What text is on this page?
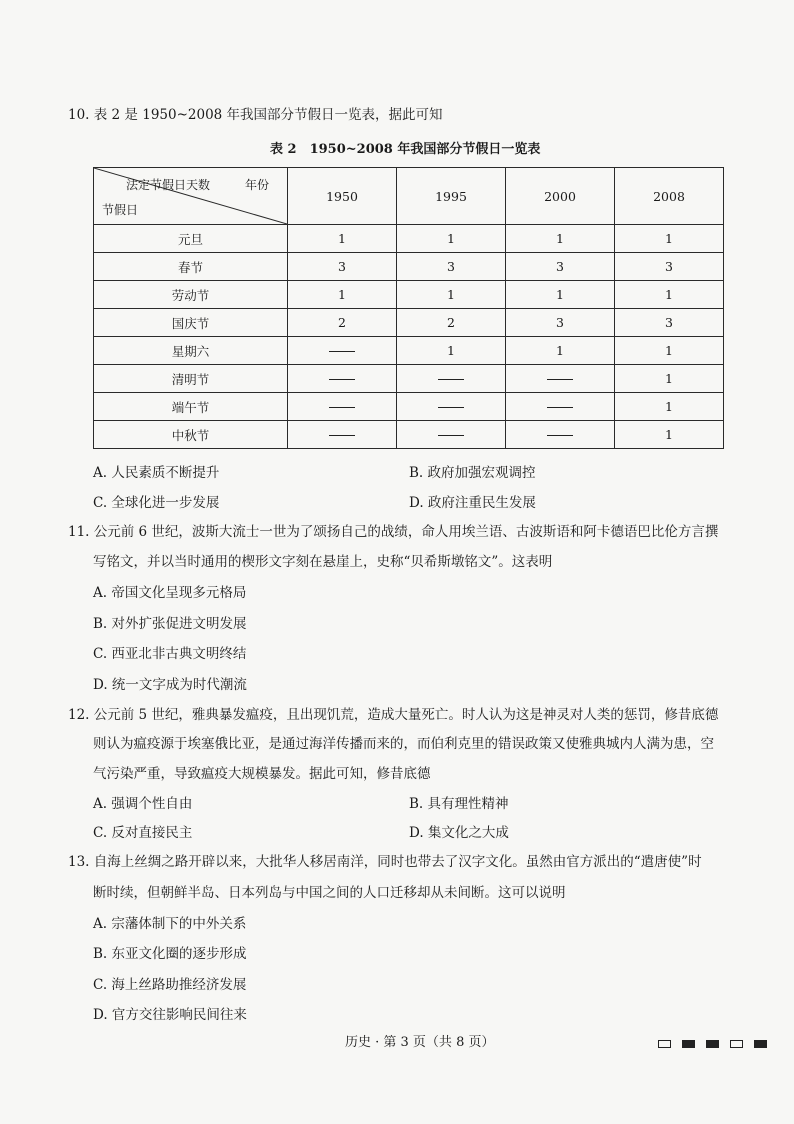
10. 表 2 是 1950~2008 年我国部分节假日一览表，据此可知
表 2　1950~2008 年我国部分节假日一览表
法定节假日天数 年份
节假日	1950	1995	2000	2008
元旦	1	1	1	1
春节	3	3	3	3
劳动节	1	1	1	1
国庆节	2	2	3	3
星期六		1	1	1
清明节				1
端午节				1
中秋节				1
A. 人民素质不断提升	B. 政府加强宏观调控
C. 全球化进一步发展	D. 政府注重民生发展
11. 公元前 6 世纪，波斯大流士一世为了颂扬自己的战绩，命人用埃兰语、古波斯语和阿卡德语巴比伦方言撰
写铭文，并以当时通用的楔形文字刻在悬崖上，史称“贝希斯墩铭文”。这表明
A. 帝国文化呈现多元格局
B. 对外扩张促进文明发展
C. 西亚北非古典文明终结
D. 统一文字成为时代潮流
12. 公元前 5 世纪，雅典暴发瘟疫，且出现饥荒，造成大量死亡。时人认为这是神灵对人类的惩罚，修昔底德
则认为瘟疫源于埃塞俄比亚，是通过海洋传播而来的，而伯利克里的错误政策又使雅典城内人满为患，空
气污染严重，导致瘟疫大规模暴发。据此可知，修昔底德
A. 强调个性自由	B. 具有理性精神
C. 反对直接民主	D. 集文化之大成
13. 自海上丝绸之路开辟以来，大批华人移居南洋，同时也带去了汉字文化。虽然由官方派出的“遣唐使”时
断时续，但朝鲜半岛、日本列岛与中国之间的人口迁移却从未间断。这可以说明
A. 宗藩体制下的中外关系
B. 东亚文化圈的逐步形成
C. 海上丝路助推经济发展
D. 官方交往影响民间往来
历史 · 第 3 页（共 8 页）
